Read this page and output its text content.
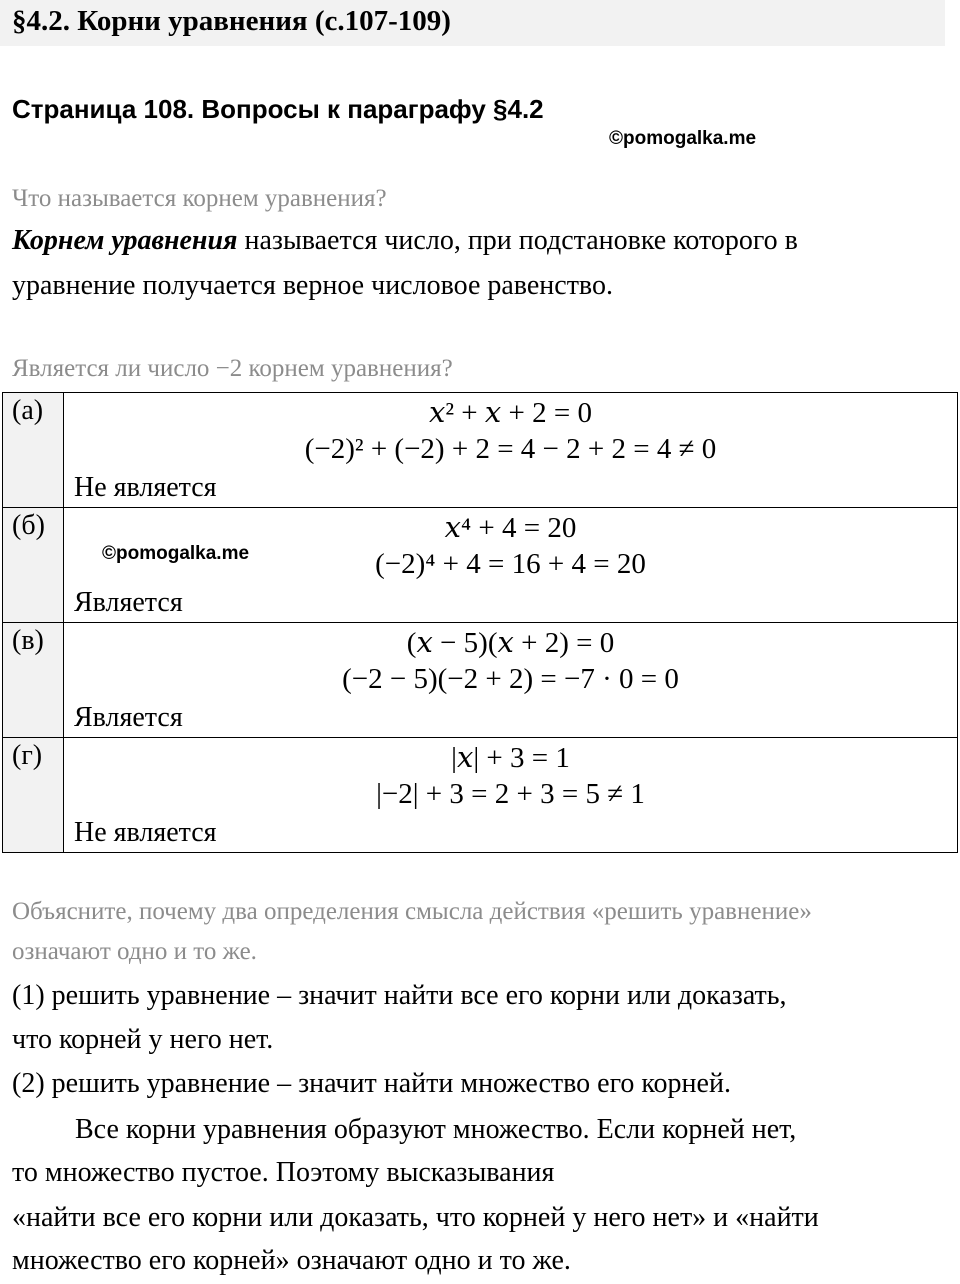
§4.2. Корни уравнения (с.107-109)
Страница 108. Вопросы к параграфу §4.2
©pomogalka.me
Что называется корнем уравнения?
Корнем уравнения называется число, при подстановке которого в
уравнение получается верное числовое равенство.
Является ли число −2 корнем уравнения?
(а)	𝑥² + 𝑥 + 2 = 0
(−2)² + (−2) + 2 = 4 − 2 + 2 = 4 ≠ 0
Не является

(б)	©pomogalka.me
𝑥⁴ + 4 = 20
(−2)⁴ + 4 = 16 + 4 = 20
Является

(в)	(𝑥 − 5)(𝑥 + 2) = 0
(−2 − 5)(−2 + 2) = −7 · 0 = 0
Является

(г)	|𝑥| + 3 = 1
|−2| + 3 = 2 + 3 = 5 ≠ 1
Не является
Объясните, почему два определения смысла действия «решить уравнение»
означают одно и то же.
(1) решить уравнение – значит найти все его корни или доказать,
что корней у него нет.
(2) решить уравнение – значит найти множество его корней.
Все корни уравнения образуют множество. Если корней нет,
то множество пустое. Поэтому высказывания
«найти все его корни или доказать, что корней у него нет» и «найти
множество его корней» означают одно и то же.
